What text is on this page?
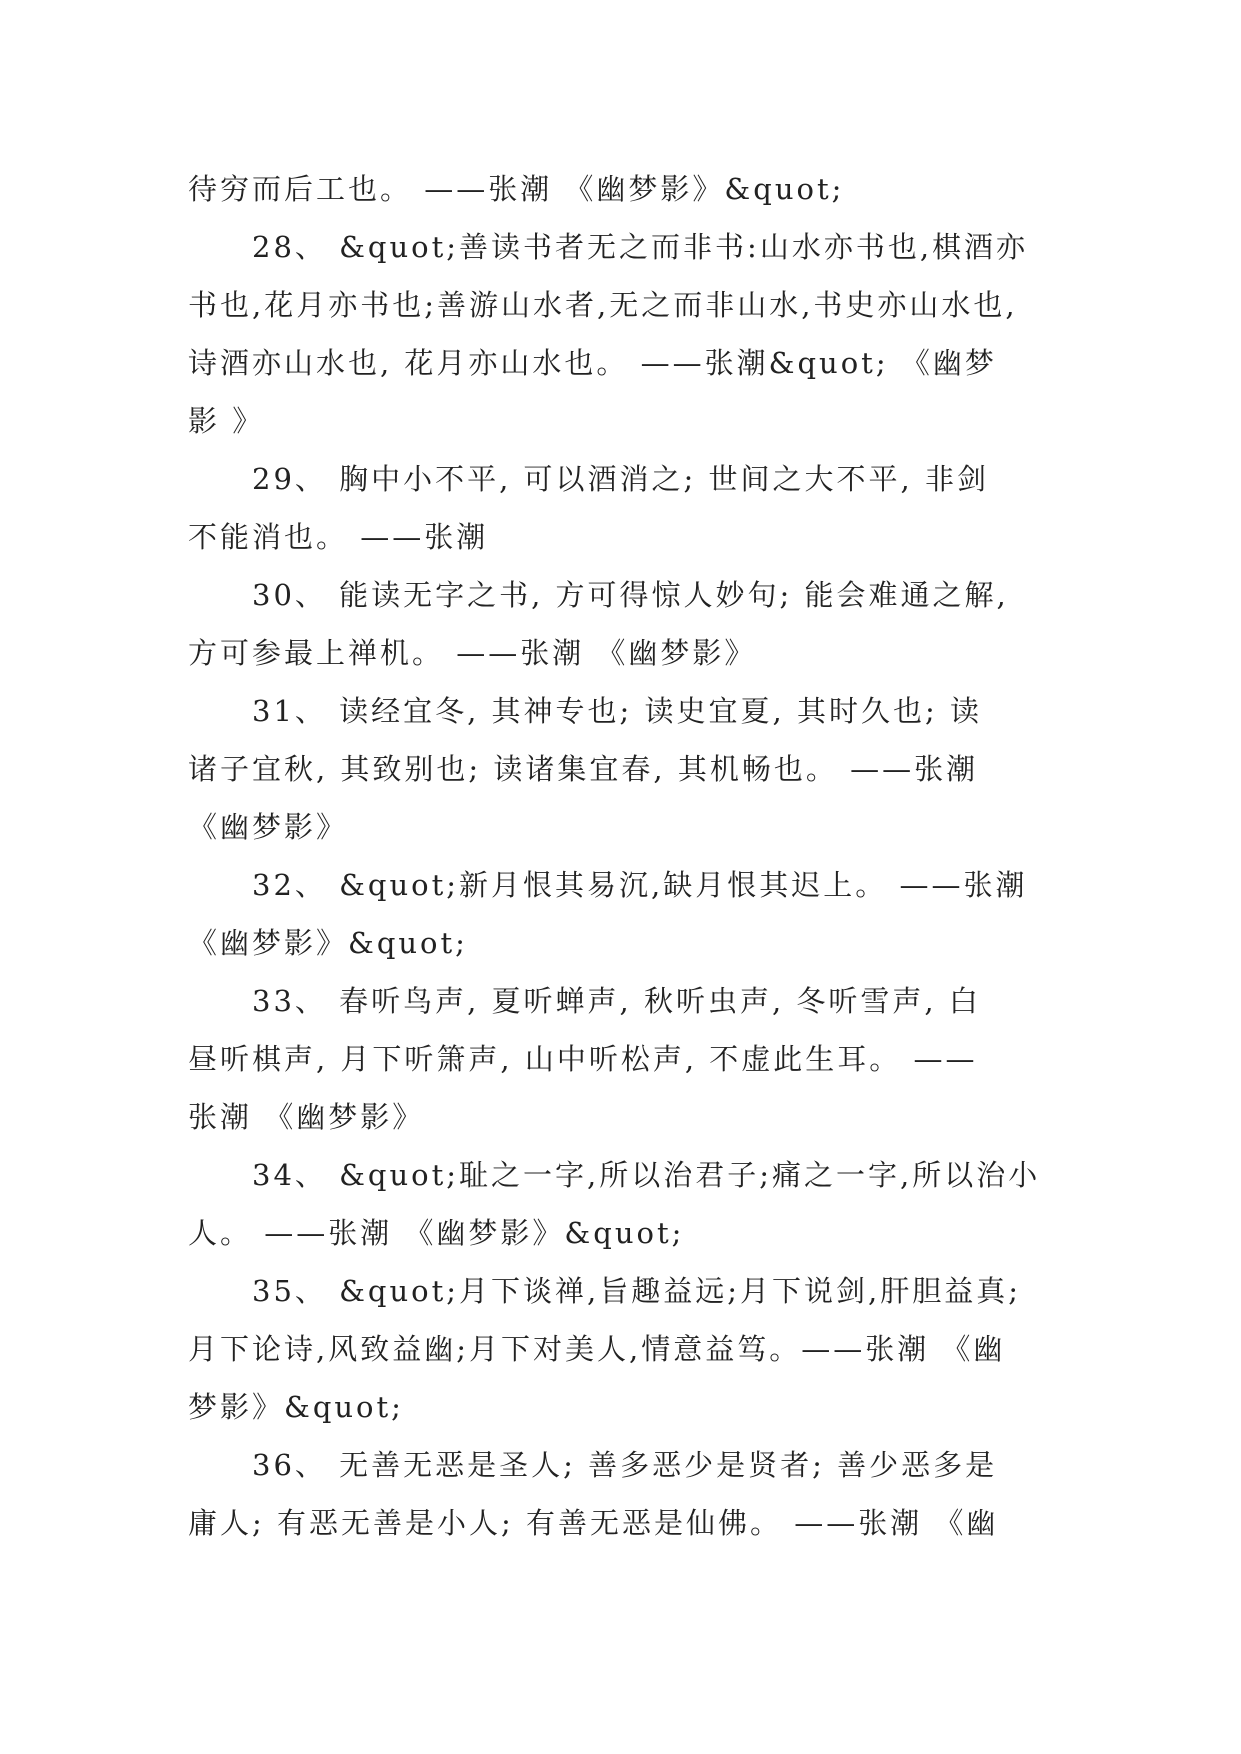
待穷而后工也。 ——张潮 《幽梦影》&quot;
28、 &quot;善读书者无之而非书:山水亦书也,棋酒亦
书也,花月亦书也;善游山水者,无之而非山水,书史亦山水也,
诗酒亦山水也, 花月亦山水也。 ——张潮&quot; 《幽梦
影 》
29、 胸中小不平, 可以酒消之; 世间之大不平, 非剑
不能消也。 ——张潮
30、 能读无字之书, 方可得惊人妙句; 能会难通之解,
方可参最上禅机。 ——张潮 《幽梦影》
31、 读经宜冬, 其神专也; 读史宜夏, 其时久也; 读
诸子宜秋, 其致别也; 读诸集宜春, 其机畅也。 ——张潮
《幽梦影》
32、 &quot;新月恨其易沉,缺月恨其迟上。 ——张潮
《幽梦影》&quot;
33、 春听鸟声, 夏听蝉声, 秋听虫声, 冬听雪声, 白
昼听棋声, 月下听箫声, 山中听松声, 不虚此生耳。 ——
张潮 《幽梦影》
34、 &quot;耻之一字,所以治君子;痛之一字,所以治小
人。 ——张潮 《幽梦影》&quot;
35、 &quot;月下谈禅,旨趣益远;月下说剑,肝胆益真;
月下论诗,风致益幽;月下对美人,情意益笃。——张潮 《幽
梦影》&quot;
36、 无善无恶是圣人; 善多恶少是贤者; 善少恶多是
庸人; 有恶无善是小人; 有善无恶是仙佛。 ——张潮 《幽
